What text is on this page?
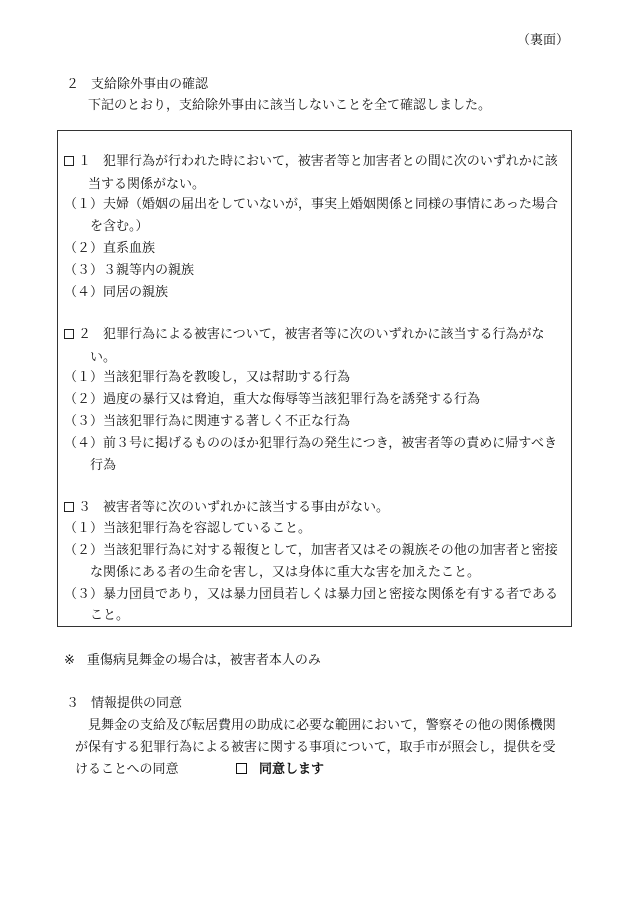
（裏面）
２ 支給除外事由の確認
下記のとおり，支給除外事由に該当しないことを全て確認しました。
１ 犯罪行為が行われた時において，被害者等と加害者との間に次のいずれかに該
当する関係がない。
（１）夫婦（婚姻の届出をしていないが，事実上婚姻関係と同様の事情にあった場合
を含む。）
（２）直系血族
（３）３親等内の親族
（４）同居の親族
２ 犯罪行為による被害について，被害者等に次のいずれかに該当する行為がな
い。
（１）当該犯罪行為を教唆し，又は幇助する行為
（２）過度の暴行又は脅迫，重大な侮辱等当該犯罪行為を誘発する行為
（３）当該犯罪行為に関連する著しく不正な行為
（４）前３号に掲げるもののほか犯罪行為の発生につき，被害者等の責めに帰すべき
行為
３ 被害者等に次のいずれかに該当する事由がない。
（１）当該犯罪行為を容認していること。
（２）当該犯罪行為に対する報復として，加害者又はその親族その他の加害者と密接
な関係にある者の生命を害し，又は身体に重大な害を加えたこと。
（３）暴力団員であり，又は暴力団員若しくは暴力団と密接な関係を有する者である
こと。
※ 重傷病見舞金の場合は，被害者本人のみ
３ 情報提供の同意
見舞金の支給及び転居費用の助成に必要な範囲において，警察その他の関係機関
が保有する犯罪行為による被害に関する事項について，取手市が照会し，提供を受
けることへの同意	同意します
